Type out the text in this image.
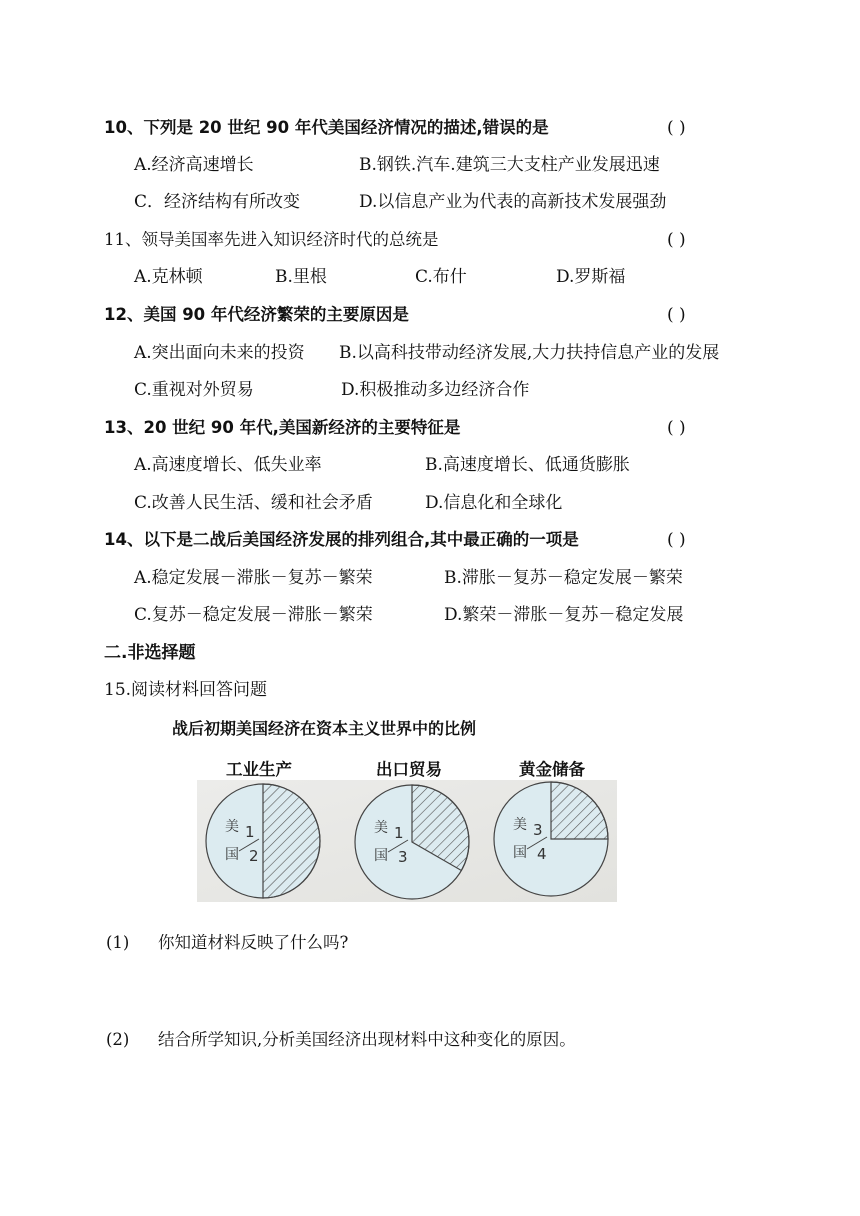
10、下列是 20 世纪 90 年代美国经济情况的描述,错误的是	( )
A.经济高速增长	B.钢铁.汽车.建筑三大支柱产业发展迅速
C．经济结构有所改变	D.以信息产业为代表的高新技术发展强劲
11、领导美国率先进入知识经济时代的总统是	( )
A.克林顿	B.里根	C.布什	D.罗斯福
12、美国 90 年代经济繁荣的主要原因是	( )
A.突出面向未来的投资 B.以高科技带动经济发展,大力扶持信息产业的发展
C.重视对外贸易	D.积极推动多边经济合作
13、20 世纪 90 年代,美国新经济的主要特征是	( )
A.高速度增长、低失业率	B.高速度增长、低通货膨胀
C.改善人民生活、缓和社会矛盾	D.信息化和全球化
14、以下是二战后美国经济发展的排列组合,其中最正确的一项是	( )
A.稳定发展－滞胀－复苏－繁荣	B.滞胀－复苏－稳定发展－繁荣
C.复苏－稳定发展－滞胀－繁荣	D.繁荣－滞胀－复苏－稳定发展
二.非选择题
15.阅读材料回答问题
战后初期美国经济在资本主义世界中的比例
工业生产	出口贸易	黄金储备
美
国
1
2
美
国
1
3
美
国
3
4
(1) 你知道材料反映了什么吗?
(2) 结合所学知识,分析美国经济出现材料中这种变化的原因。
